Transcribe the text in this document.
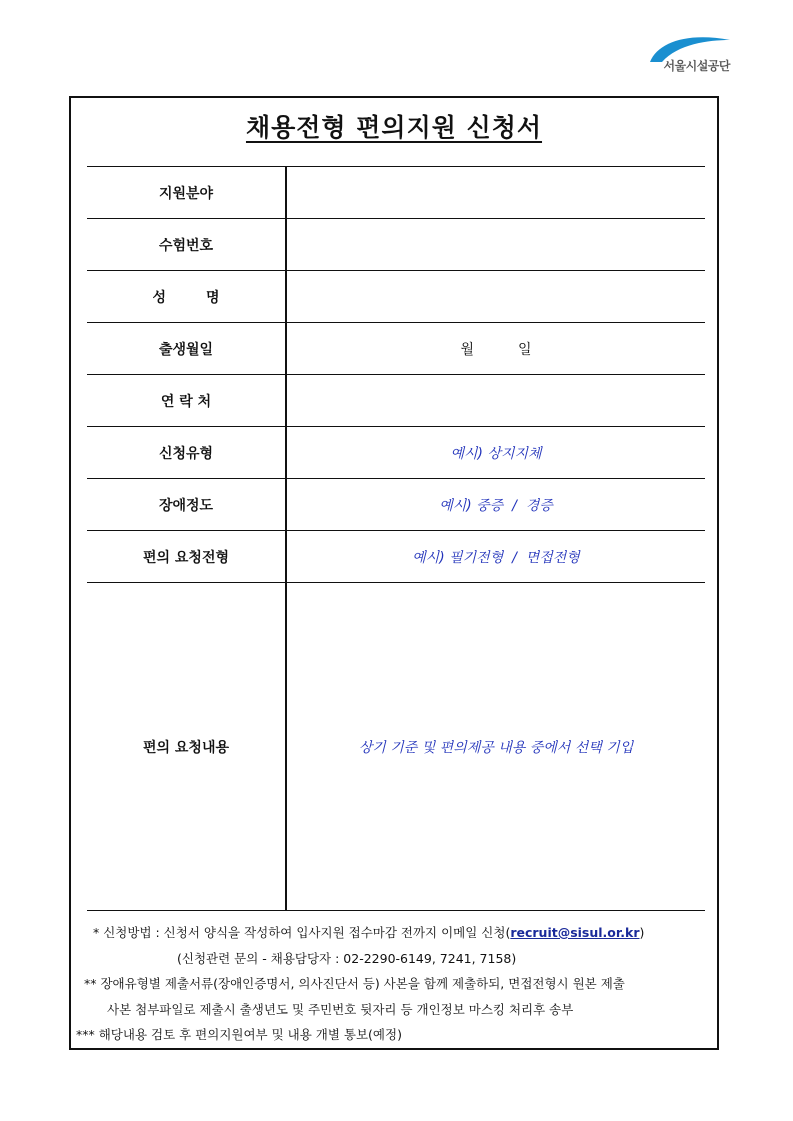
서울시설공단
채용전형 편의지원 신청서
지원분야
수험번호
성	명
출생월일	월	일
연 락 처
신청유형	예시) 상지지체
장애정도	예시) 중증  /  경증
편의 요청전형	예시) 필기전형  /  면접전형
편의 요청내용	상기 기준 및 편의제공 내용 중에서 선택 기입
* 신청방법 : 신청서 양식을 작성하여 입사지원 접수마감 전까지 이메일 신청(recruit@sisul.or.kr)
(신청관련 문의 - 채용담당자 : 02-2290-6149, 7241, 7158)
** 장애유형별 제출서류(장애인증명서, 의사진단서 등) 사본을 함께 제출하되, 면접전형시 원본 제출
사본 첨부파일로 제출시 출생년도 및 주민번호 뒷자리 등 개인정보 마스킹 처리후 송부
*** 해당내용 검토 후 편의지원여부 및 내용 개별 통보(예정)
